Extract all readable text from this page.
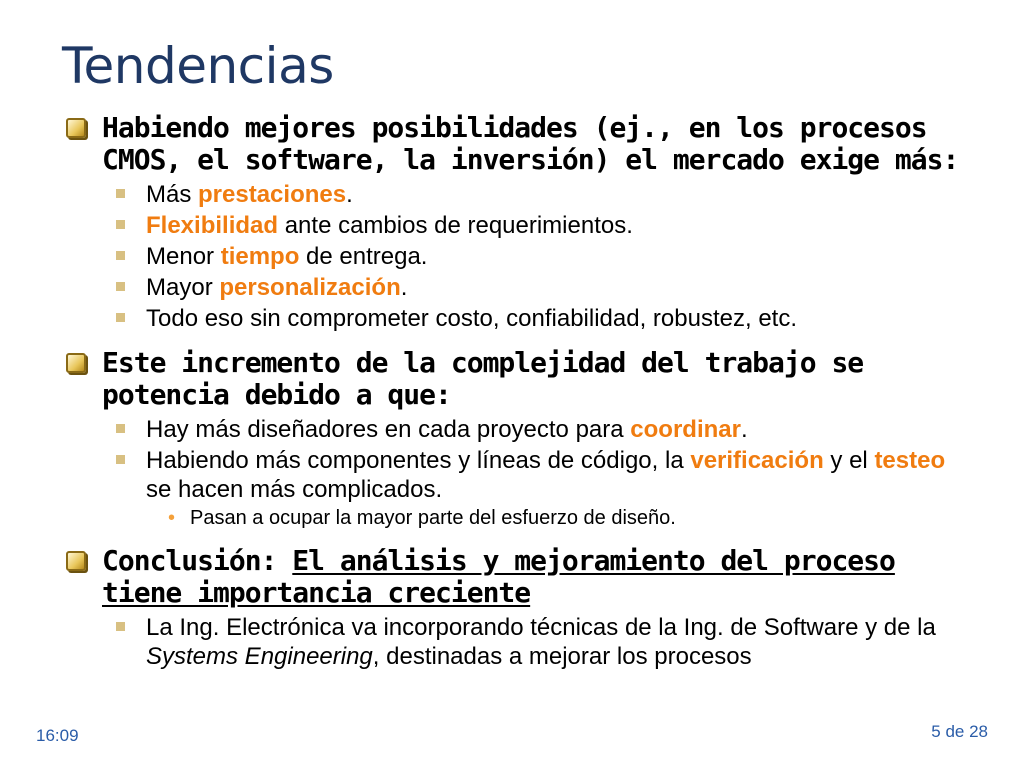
Tendencias
Habiendo mejores posibilidades (ej., en los procesos CMOS, el software, la inversión) el mercado exige más:
Más prestaciones.
Flexibilidad ante cambios de requerimientos.
Menor tiempo de entrega.
Mayor personalización.
Todo eso sin comprometer costo, confiabilidad, robustez, etc.
Este incremento de la complejidad del trabajo se potencia debido a que:
Hay más diseñadores en cada proyecto para coordinar.
Habiendo más componentes y líneas de código, la verificación y el testeo se hacen más complicados.
• Pasan a ocupar la mayor parte del esfuerzo de diseño.
Conclusión: El análisis y mejoramiento del proceso tiene importancia creciente
La Ing. Electrónica va incorporando técnicas de la Ing. de Software y de la Systems Engineering, destinadas a mejorar los procesos
16:09	5 de 28
